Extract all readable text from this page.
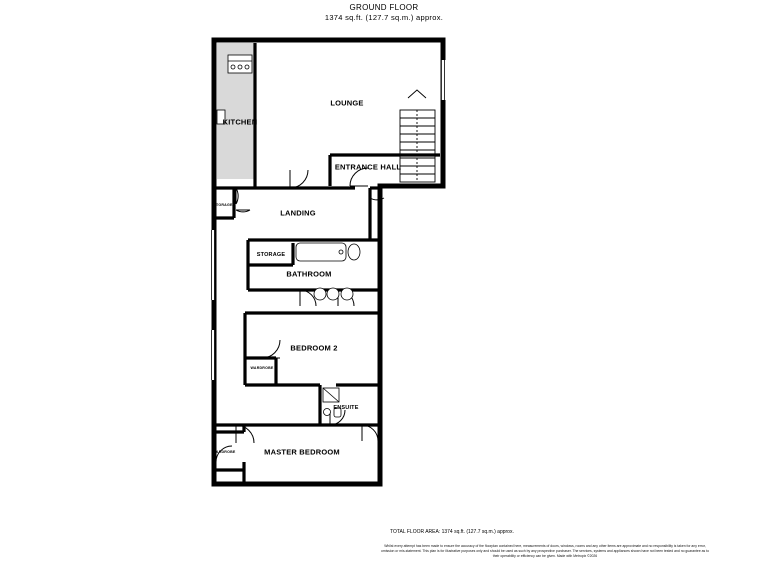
GROUND FLOOR
1374 sq.ft. (127.7 sq.m.) approx.
LOUNGE
KITCHEN
ENTRANCE HALL
LANDING
STORAGE
STORAGE
BATHROOM
BEDROOM 2
WARDROBE
ENSUITE
MASTER BEDROOM
WARDROBE
TOTAL FLOOR AREA: 1374 sq.ft. (127.7 sq.m.) approx.
Whilst every attempt has been made to ensure the accuracy of the floorplan contained here, measurements of doors, windows, rooms and any other items are approximate and no responsibility is taken for any error, omission or mis-statement. This plan is for illustrative purposes only and should be used as such by any prospective purchaser. The services, systems and appliances shown have not been tested and no guarantee as to their operability or efficiency can be given. Made with Metropix ©2026
